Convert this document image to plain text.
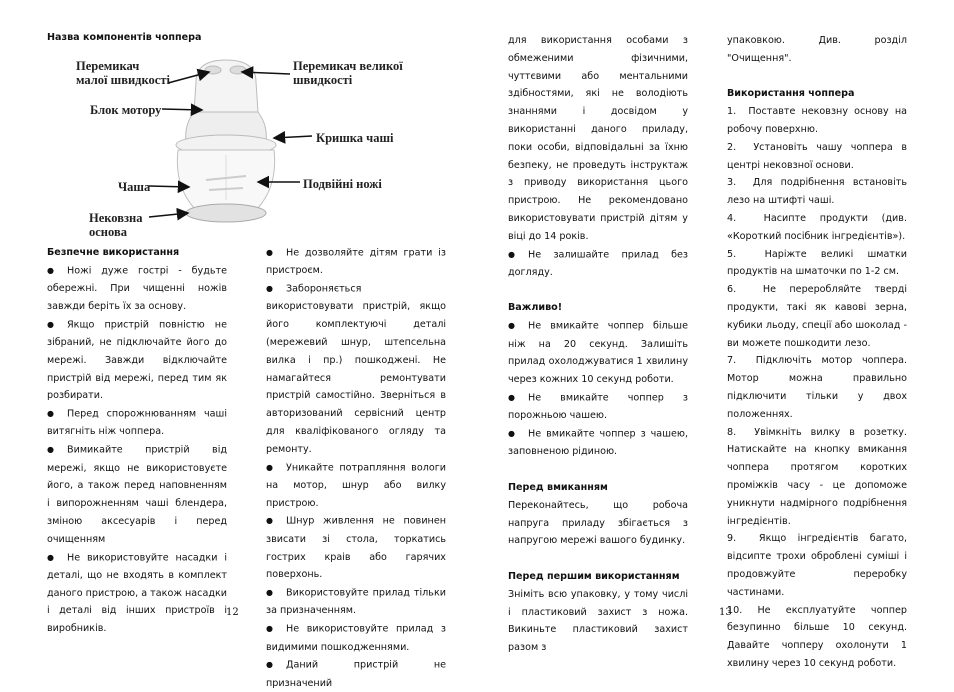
Назва компонентів чоппера
Перемикач
малої швидкості
Перемикач великої
швидкості
Блок мотору
Кришка чаші
Чаша	Подвійні ножі
Нековзна
основа

Безпечне використання

● Ножі дуже гострі - будьте обережні. При чищенні ножів завжди беріть їх за основу.

● Якщо пристрій повністю не зібраний, не підключайте його до мережі. Завжди відключайте пристрій від мережі, перед тим як розбирати.

● Перед спорожнюванням чаші витягніть ніж чоппера.

● Вимикайте пристрій від мережі, якщо не використовуєте його, а також перед наповненням і випорожненням чаші блендера, зміною аксесуарів і перед очищенням

● Не використовуйте насадки і деталі, що не входять в комплект даного пристрою, а також насадки і деталі від інших пристроїв і виробників.

● Не дозволяйте дітям грати із пристроєм.

● Забороняється використовувати пристрій, якщо його комплектуючі деталі (мережевий шнур, штепсельна вилка і пр.) пошкоджені. Не намагайтеся ремонтувати пристрій самостійно. Зверніться в авторизований сервісний центр для кваліфікованого огляду та ремонту.

● Уникайте потрапляння вологи на мотор, шнур або вилку пристрою.

● Шнур живлення не повинен звисати зі стола, торкатись гострих краів або гарячих поверхонь.

● Використовуйте прилад тільки за призначенням.

● Не використовуйте прилад з видимими пошкодженнями.

● Даний пристрій не призначений

12

для використання особами з обмеженими фізичними, чуттєвими або ментальними здібностями, які не володіють знаннями і досвідом у використанні даного приладу, поки особи, відповідальні за їхню безпеку, не проведуть інструктаж з приводу використання цього пристрою. Не рекомендовано використовувати пристрій дітям у віці до 14 років.

● Не залишайте прилад без догляду.

Важливо!

● Не вмикайте чоппер більше ніж на 20 секунд. Залишіть прилад охолоджуватися 1 хвилину через кожних 10 секунд роботи.

● Не вмикайте чоппер з порожньою чашею.

● Не вмикайте чоппер з чашею, заповненою рідиною.

Перед вмиканням

Переконайтесь, що робоча напруга приладу збігається з напругою мережі вашого будинку.

Перед першим використанням

Зніміть всю упаковку, у тому числі і пластиковий захист з ножа. Викиньте пластиковий захист разом з

упаковкою. Див. розділ "Очищення".

Використання чоппера

1.  Поставте нековзну основу на робочу поверхню.

2.  Установіть чашу чоппера в центрі нековзної основи.

3.  Для подрібнення встановіть лезо на штифті чаші.

4.  Насипте продукти (див. «Короткий посібник інгредієнтів»).

5.  Наріжте великі шматки продуктів на шматочки по 1-2 см.

6.  Не переробляйте тверді продукти, такі як кавові зерна, кубики льоду, спеції або шоколад - ви можете пошкодити лезо.

7.  Підключіть мотор чоппера. Мотор можна правильно підключити тільки у двох положеннях.

8.  Увімкніть вилку в розетку. Натискайте на кнопку вмикання чоппера протягом коротких проміжків часу - це допоможе уникнути надмірного подрібнення інгредієнтів.

9.  Якщо інгредієнтів багато, відсипте трохи оброблені суміші і продовжуйте переробку частинами.

10. Не експлуатуйте чоппер безупинно більше 10 секунд. Давайте чопперу охолонути 1 хвилину через 10 секунд роботи.

13
